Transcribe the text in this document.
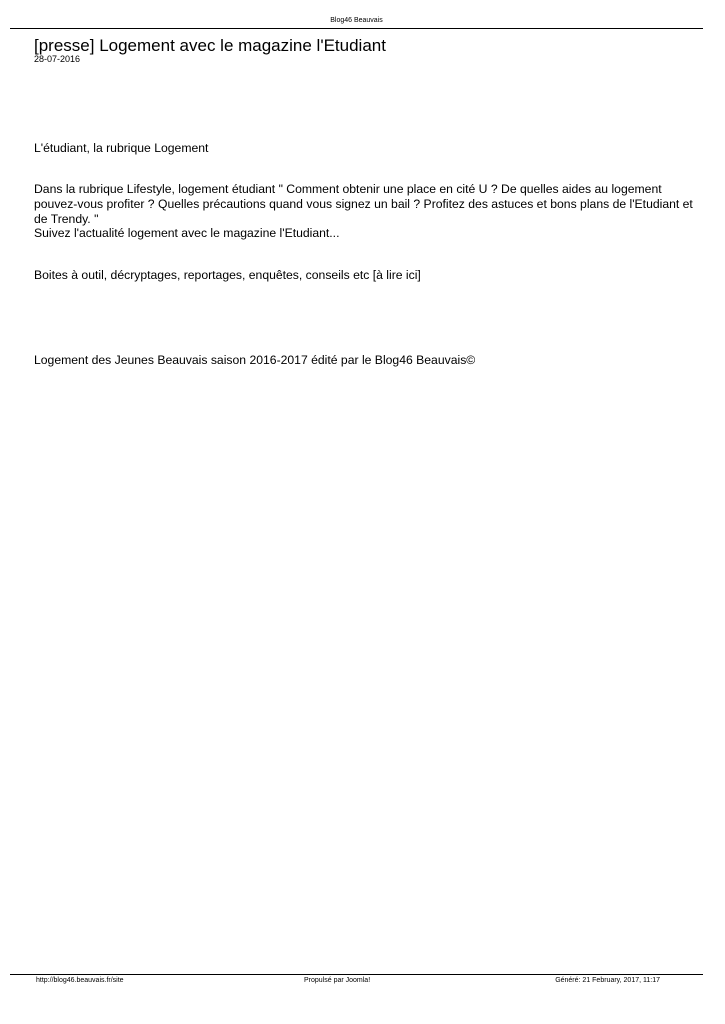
Blog46 Beauvais
[presse] Logement avec le magazine l'Etudiant
28-07-2016

L'étudiant, la rubrique Logement

Dans la rubrique Lifestyle, logement étudiant " Comment obtenir une place en cité U ? De quelles aides au logement pouvez-vous profiter ? Quelles précautions quand vous signez un bail ? Profitez des astuces et bons plans de l'Etudiant et de Trendy. "

Suivez l'actualité logement avec le magazine l'Etudiant...

Boites à outil, décryptages, reportages, enquêtes, conseils etc [à lire ici]

Logement des Jeunes Beauvais saison 2016-2017 édité par le Blog46 Beauvais©

http://blog46.beauvais.fr/site	Propulsé par Joomla!	Généré: 21 February, 2017, 11:17
